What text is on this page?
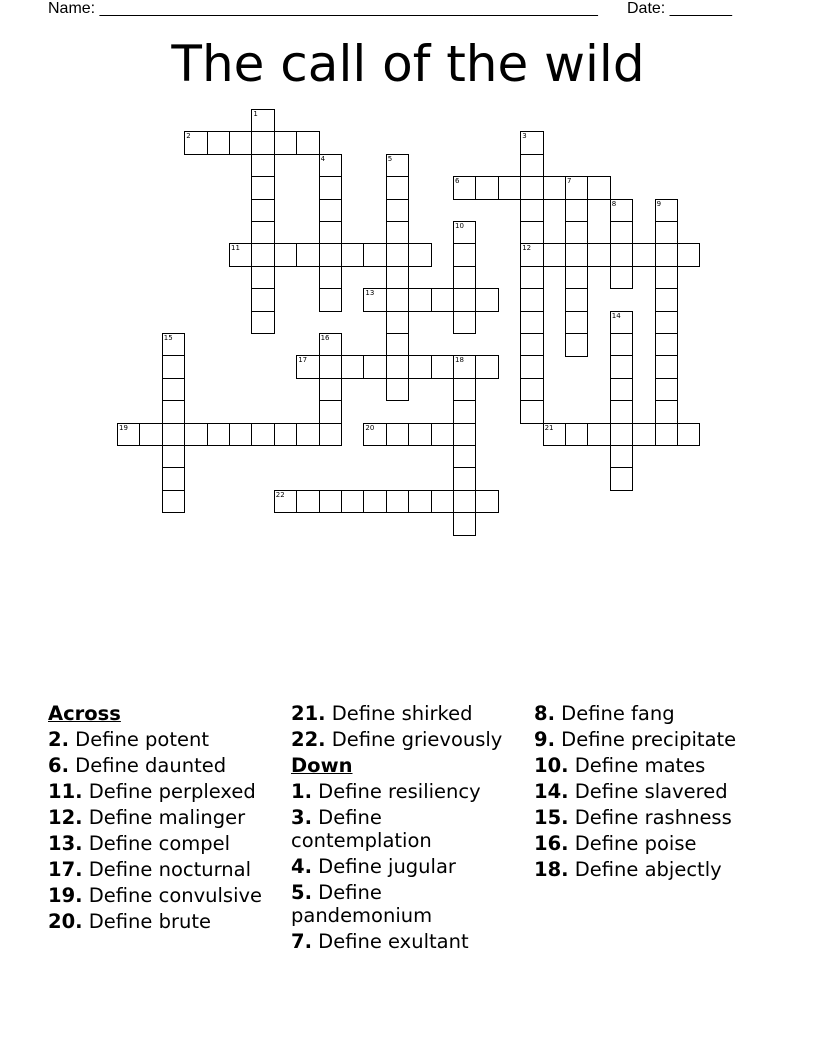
Name: ________________________________________________________ Date: _______
The call of the wild
1
2	3
12
4	5
6	7
8	9
10
11
13
14
15	16
17	18
19	20	21
22
Across
2. Define potent
6. Define daunted
11. Define perplexed
12. Define malinger
13. Define compel
17. Define nocturnal
19. Define convulsive
20. Define brute
21. Define shirked
22. Define grievously
Down
1. Define resiliency
3. Define contemplation
4. Define jugular
5. Define pandemonium
7. Define exultant
8. Define fang
9. Define precipitate
10. Define mates
14. Define slavered
15. Define rashness
16. Define poise
18. Define abjectly
